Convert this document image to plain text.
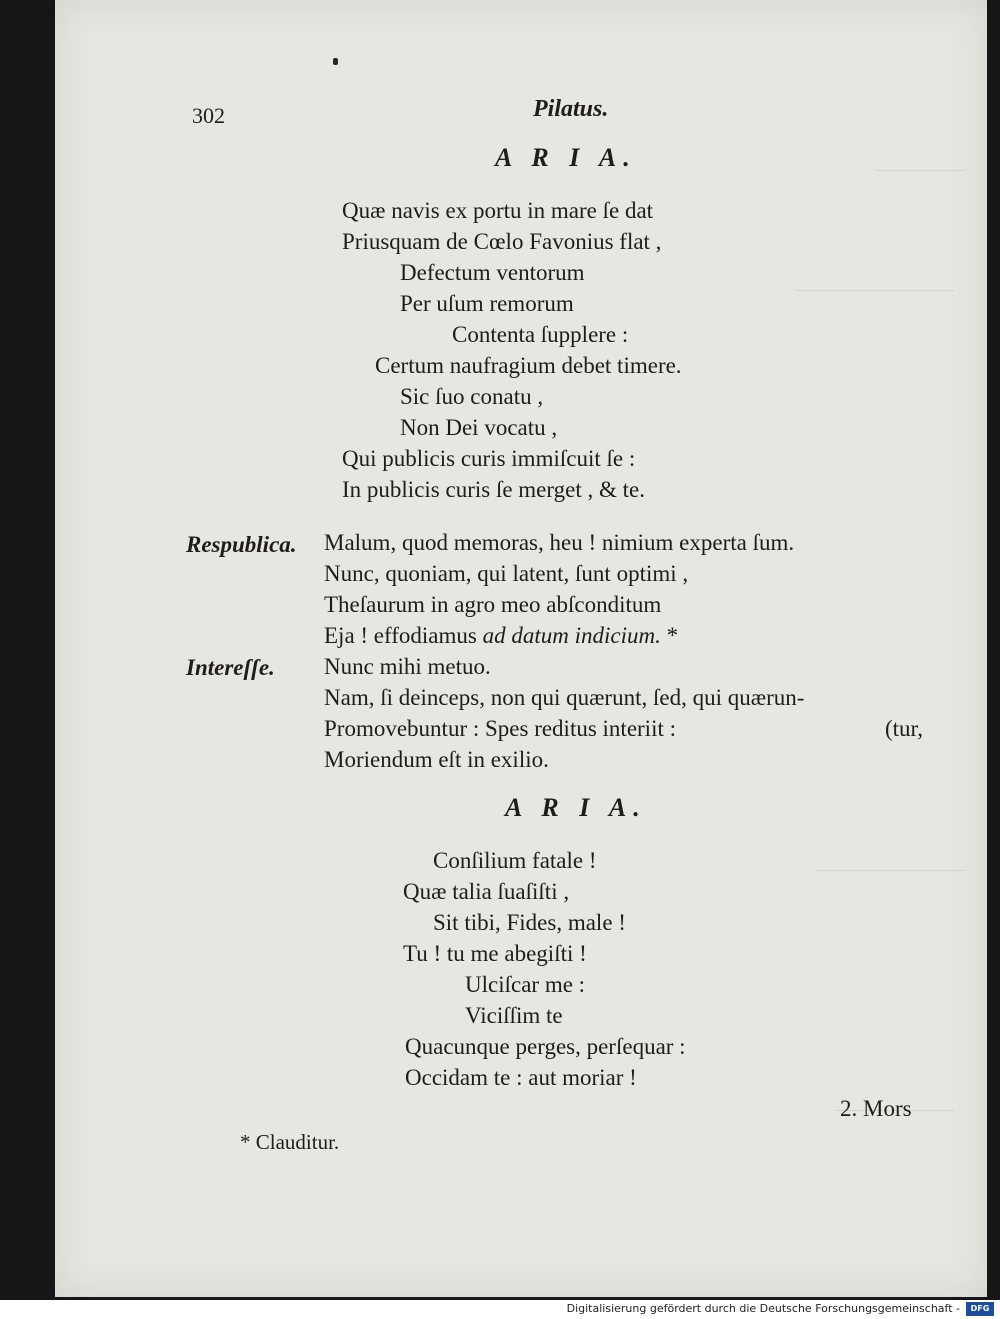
302	Pilatus.
A R I A.
Quæ navis ex portu in mare ſe dat
Priusquam de Cœlo Favonius flat ,
Defectum ventorum
Per uſum remorum
Contenta ſupplere :
Certum naufragium debet timere.
Sic ſuo conatu ,
Non Dei vocatu ,
Qui publicis curis immiſcuit ſe :
In publicis curis ſe merget , & te.
Respublica. Malum, quod memoras, heu ! nimium experta ſum.
Nunc, quoniam, qui latent, ſunt optimi ,
Theſaurum in agro meo abſconditum
Eja ! effodiamus ad datum indicium. *
Intereſſe. Nunc mihi metuo.
Nam, ſi deinceps, non qui quærunt, ſed, qui quærun-
Promovebuntur : Spes reditus interiit :	(tur,
Moriendum eſt in exilio.
A R I A.
Conſilium fatale !
Quæ talia ſuaſiſti ,
Sit tibi, Fides, male !
Tu ! tu me abegiſti !
Ulciſcar me :
Viciſſim te
Quacunque perges, perſequar :
Occidam te : aut moriar !
2. Mors
* Clauditur.
Digitalisierung gefördert durch die Deutsche Forschungsgemeinschaft -	DFG
